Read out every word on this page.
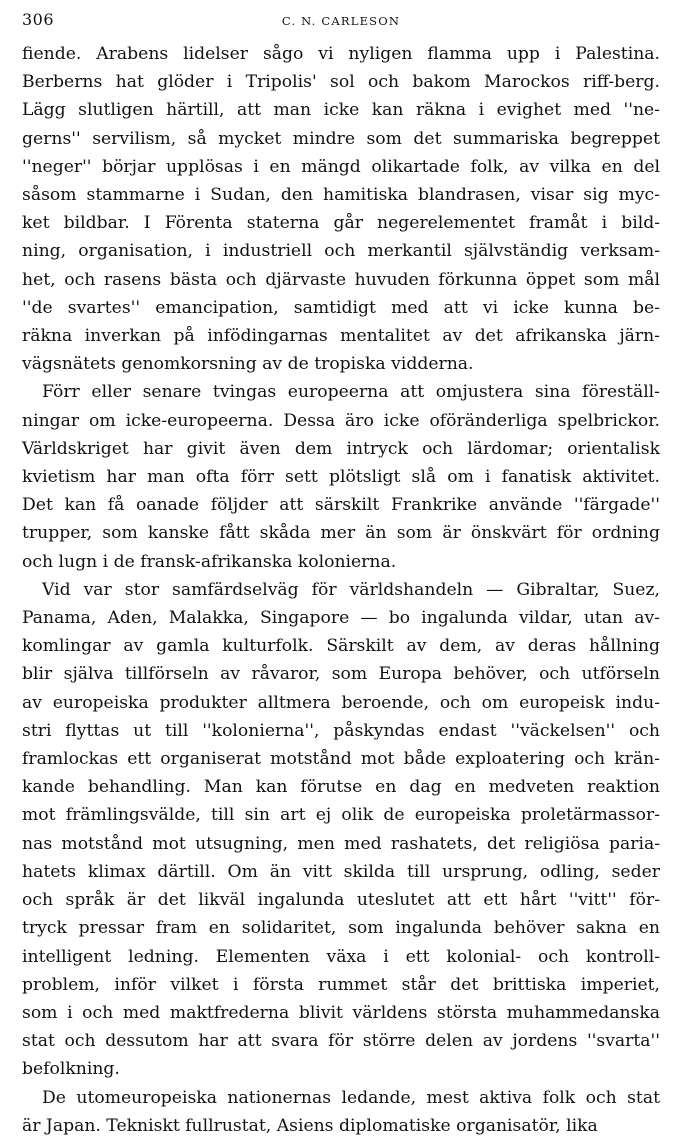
306	C. N. CARLESON
fiende. Arabens lidelser sågo vi nyligen flamma upp i Palestina.
Berberns hat glöder i Tripolis' sol och bakom Marockos riff-berg.
Lägg slutligen härtill, att man icke kan räkna i evighet med ''ne-
gerns'' servilism, så mycket mindre som det summariska begreppet
''neger'' börjar upplösas i en mängd olikartade folk, av vilka en del
såsom stammarne i Sudan, den hamitiska blandrasen, visar sig myc-
ket bildbar. I Förenta staterna går negerelementet framåt i bild-
ning, organisation, i industriell och merkantil självständig verksam-
het, och rasens bästa och djärvaste huvuden förkunna öppet som mål
''de svartes'' emancipation, samtidigt med att vi icke kunna be-
räkna inverkan på infödingarnas mentalitet av det afrikanska järn-
vägsnätets genomkorsning av de tropiska vidderna.
Förr eller senare tvingas europeerna att omjustera sina föreställ-
ningar om icke-europeerna. Dessa äro icke oföränderliga spelbrickor.
Världskriget har givit även dem intryck och lärdomar; orientalisk
kvietism har man ofta förr sett plötsligt slå om i fanatisk aktivitet.
Det kan få oanade följder att särskilt Frankrike använde ''färgade''
trupper, som kanske fått skåda mer än som är önskvärt för ordning
och lugn i de fransk-afrikanska kolonierna.
Vid var stor samfärdselväg för världshandeln — Gibraltar, Suez,
Panama, Aden, Malakka, Singapore — bo ingalunda vildar, utan av-
komlingar av gamla kulturfolk. Särskilt av dem, av deras hållning
blir själva tillförseln av råvaror, som Europa behöver, och utförseln
av europeiska produkter alltmera beroende, och om europeisk indu-
stri flyttas ut till ''kolonierna'', påskyndas endast ''väckelsen'' och
framlockas ett organiserat motstånd mot både exploatering och krän-
kande behandling. Man kan förutse en dag en medveten reaktion
mot främlingsvälde, till sin art ej olik de europeiska proletärmassor-
nas motstånd mot utsugning, men med rashatets, det religiösa paria-
hatets klimax därtill. Om än vitt skilda till ursprung, odling, seder
och språk är det likväl ingalunda uteslutet att ett hårt ''vitt'' för-
tryck pressar fram en solidaritet, som ingalunda behöver sakna en
intelligent ledning. Elementen växa i ett kolonial- och kontroll-
problem, inför vilket i första rummet står det brittiska imperiet,
som i och med maktfrederna blivit världens största muhammedanska
stat och dessutom har att svara för större delen av jordens ''svarta''
befolkning.
De utomeuropeiska nationernas ledande, mest aktiva folk och stat
är Japan. Tekniskt fullrustat, Asiens diplomatiske organisatör, lika
